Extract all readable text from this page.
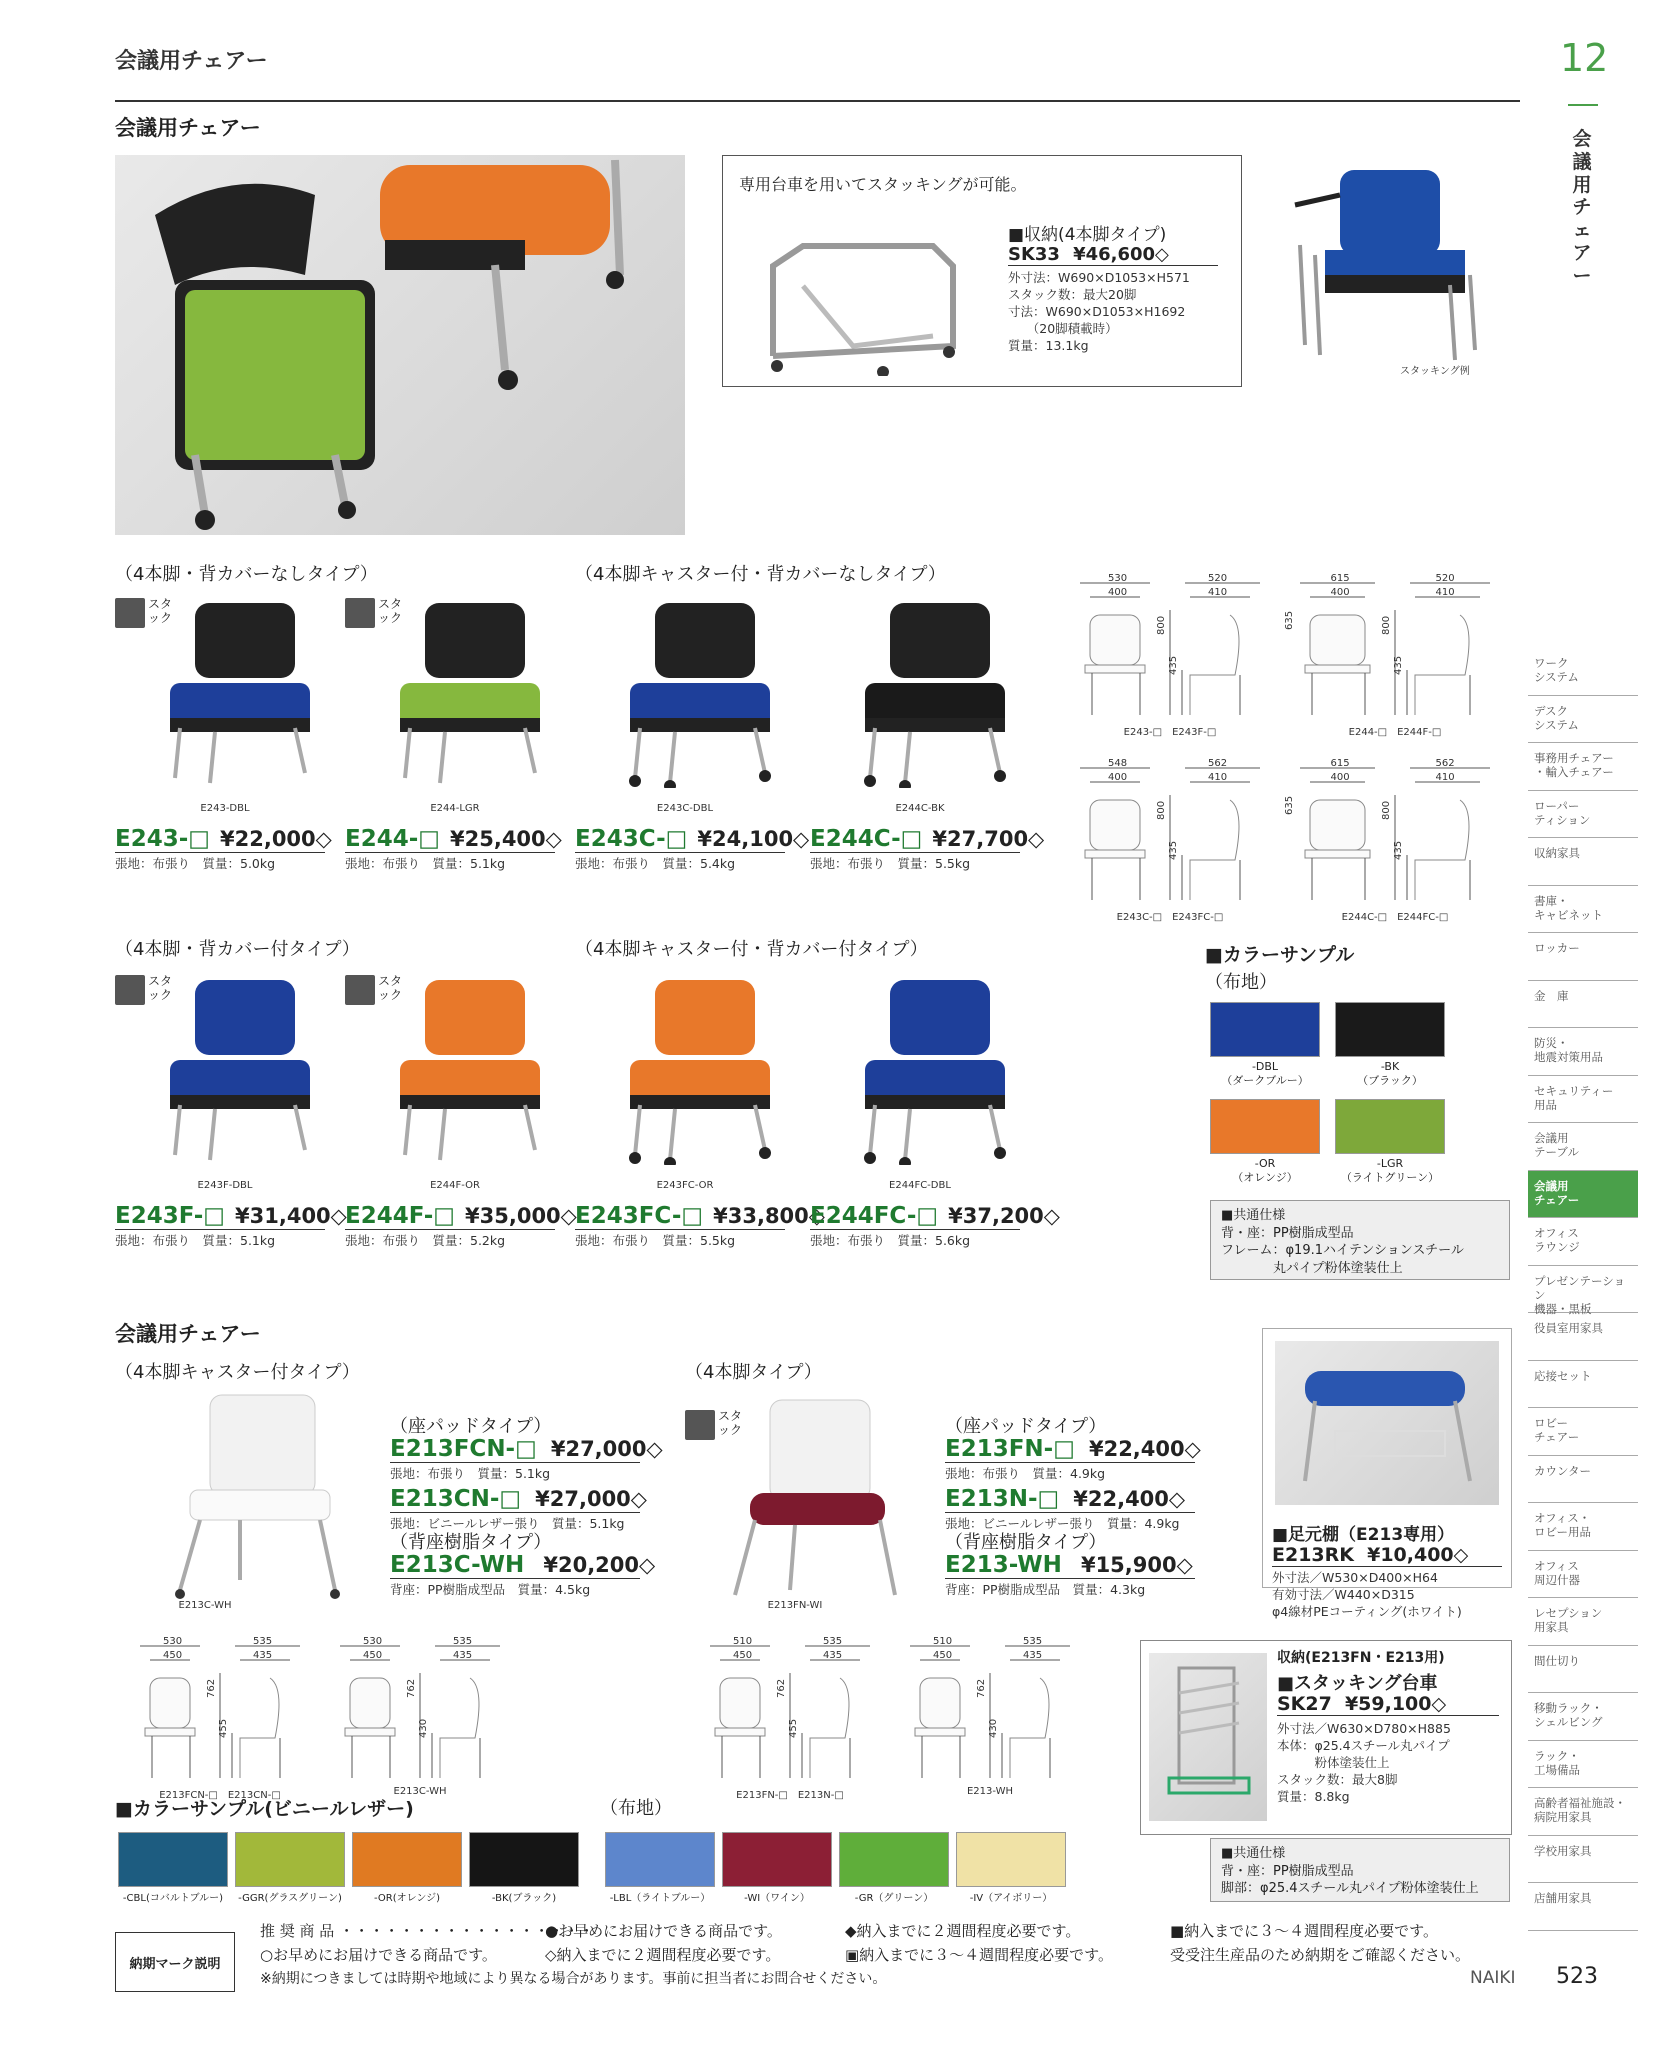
会議用チェアー	12
会
議
用
チ
ェ
ア
ー
会議用チェアー
専用台車を用いてスタッキングが可能。
■収納(4本脚タイプ)
SK33 ¥46,600◇
外寸法：W690×D1053×H571
スタック数：最大20脚
寸法：W690×D1053×H1692
　　（20脚積載時）
質量：13.1kg
スタッキング例
（4本脚・背カバーなしタイプ）	（4本脚キャスター付・背カバーなしタイプ）
（4本脚・背カバー付タイプ）	（4本脚キャスター付・背カバー付タイプ）
スタ
ック
E243-DBL
E243-□ ¥22,000◇
張地：布張り　質量：5.0kg
スタ
ック
E244-LGR
E244-□ ¥25,400◇
張地：布張り　質量：5.1kg
E243C-DBL
E243C-□ ¥24,100◇
張地：布張り　質量：5.4kg
E244C-BK
E244C-□ ¥27,700◇
張地：布張り　質量：5.5kg
スタ
ック
E243F-DBL
E243F-□ ¥31,400◇
張地：布張り　質量：5.1kg
スタ
ック
E244F-OR
E244F-□ ¥35,000◇
張地：布張り　質量：5.2kg
E243FC-OR
E243FC-□ ¥33,800◇
張地：布張り　質量：5.5kg
E244FC-DBL
E244FC-□ ¥37,200◇
張地：布張り　質量：5.6kg
530
400
520
410
800
435
E243-□　E243F-□
615
400
520
410
635	800
435
E244-□　E244F-□
548
400
562
410
800
435
E243C-□　E243FC-□
615
400
562
410
635	800
435
E244C-□　E244FC-□
■カラーサンプル
（布地）
-DBL
（ダークブルー）
-BK
（ブラック）
-OR
（オレンジ）
-LGR
（ライトグリーン）
■共通仕様
背・座：PP樹脂成型品
フレーム：φ19.1ハイテンションスチール
　　　　丸パイプ粉体塗装仕上
会議用チェアー
（4本脚キャスター付タイプ）	（4本脚タイプ）
E213C-WH
（座パッドタイプ）
E213FCN-□ ¥27,000◇
張地：布張り　質量：5.1kg
E213CN-□ ¥27,000◇
張地：ビニールレザー張り　質量：5.1kg
（背座樹脂タイプ）
E213C-WH ¥20,200◇
背座：PP樹脂成型品　質量：4.5kg
スタ
ック
E213FN-WI
（座パッドタイプ）
E213FN-□ ¥22,400◇
張地：布張り　質量：4.9kg
E213N-□ ¥22,400◇
張地：ビニールレザー張り　質量：4.9kg
（背座樹脂タイプ）
E213-WH ¥15,900◇
背座：PP樹脂成型品　質量：4.3kg
■足元棚（E213専用）
E213RK ¥10,400◇
外寸法／W530×D400×H64
有効寸法／W440×D315
φ4線材PEコーティング(ホワイト)
530
450
535
435
762
455
E213FCN-□　E213CN-□
530
450
535
435
762
430
E213C-WH
510
450
535
435
762
455
E213FN-□　E213N-□
510
450
535
435
762
430
E213-WH
収納(E213FN・E213用)
■スタッキング台車
SK27 ¥59,100◇
外寸法／W630×D780×H885
本体：φ25.4スチール丸パイプ
　　　粉体塗装仕上
スタック数：最大8脚
質量：8.8kg
■カラーサンプル(ビニールレザー)	（布地）
-CBL(コバルトブルー)	-GGR(グラスグリーン)	-OR(オレンジ)	-BK(ブラック)	-LBL（ライトブルー）	-WI（ワイン）	-GR（グリーン）	-IV（アイボリー）
■共通仕様
背・座：PP樹脂成型品
脚部：φ25.4スチール丸パイプ粉体塗装仕上
納期マーク説明
推 奨 商 品 ・・・・・・・・・・・・・・・・・
●お早めにお届けできる商品です。	◆納入までに２週間程度必要です。	■納入までに３～４週間程度必要です。
○お早めにお届けできる商品です。	◇納入までに２週間程度必要です。	▣納入までに３～４週間程度必要です。	受受注生産品のため納期をご確認ください。
※納期につきましては時期や地域により異なる場合があります。事前に担当者にお問合せください。	NAIKI 523
ワーク
システム
デスク
システム
事務用チェアー
・輸入チェアー
ローパー
ティション
収納家具
書庫・
キャビネット
ロッカー
金　庫
防災・
地震対策用品
セキュリティー
用品
会議用
テーブル
会議用
チェアー
オフィス
ラウンジ
プレゼンテーション
機器・黒板
役員室用家具
応接セット
ロビー
チェアー
カウンター
オフィス・
ロビー用品
オフィス
周辺什器
レセプション
用家具
間仕切り
移動ラック・
シェルビング
ラック・
工場備品
高齢者福祉施設・
病院用家具
学校用家具
店舗用家具
